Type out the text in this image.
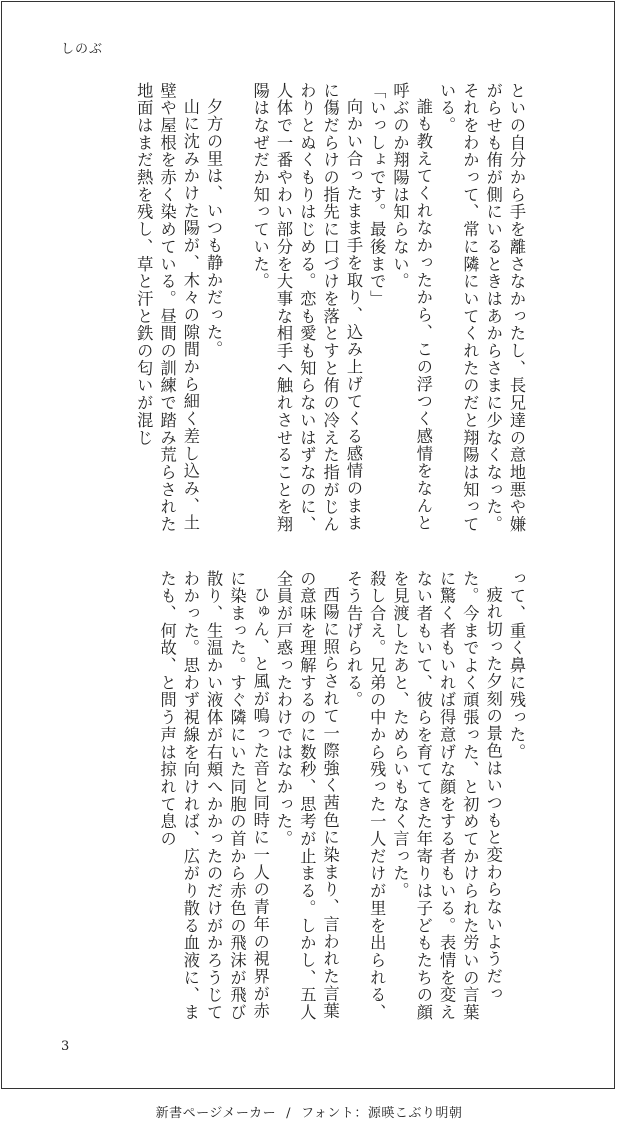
しのぶ

といの自分から手を離さなかったし、長兄達の意地悪や嫌がらせも侑が側にいるときはあからさまに少なくなった。それをわかって、常に隣にいてくれたのだと翔陽は知っている。

誰も教えてくれなかったから、この浮つく感情をなんと呼ぶのか翔陽は知らない。

「いっしょです。最後まで」

向かい合ったまま手を取り、込み上げてくる感情のままに傷だらけの指先に口づけを落とすと侑の冷えた指がじんわりとぬくもりはじめる。恋も愛も知らないはずなのに、人体で一番やわい部分を大事な相手へ触れさせることを翔陽はなぜだか知っていた。

夕方の里は、いつも静かだった。

山に沈みかけた陽が、木々の隙間から細く差し込み、土壁や屋根を赤く染めている。昼間の訓練で踏み荒らされた地面はまだ熱を残し、草と汗と鉄の匂いが混じ

って、重く鼻に残った。

疲れ切った夕刻の景色はいつもと変わらないようだった。今までよく頑張った、と初めてかけられた労いの言葉に驚く者もいれば得意げな顔をする者もいる。表情を変えない者もいて、彼らを育ててきた年寄りは子どもたちの顔を見渡したあと、ためらいもなく言った。

殺し合え。兄弟の中から残った一人だけが里を出られる、そう告げられる。

西陽に照らされて一際強く茜色に染まり、言われた言葉の意味を理解するのに数秒、思考が止まる。しかし、五人全員が戸惑ったわけではなかった。

ひゅん、と風が鳴った音と同時に一人の青年の視界が赤に染まった。すぐ隣にいた同胞の首から赤色の飛沫が飛び散り、生温かい液体が右頬へかかったのだけがかろうじてわかった。思わず視線を向ければ、広がり散る血液に、またも、何故、と問う声は掠れて息の

3
新書ページメーカー / フォント：源暎こぶり明朝
